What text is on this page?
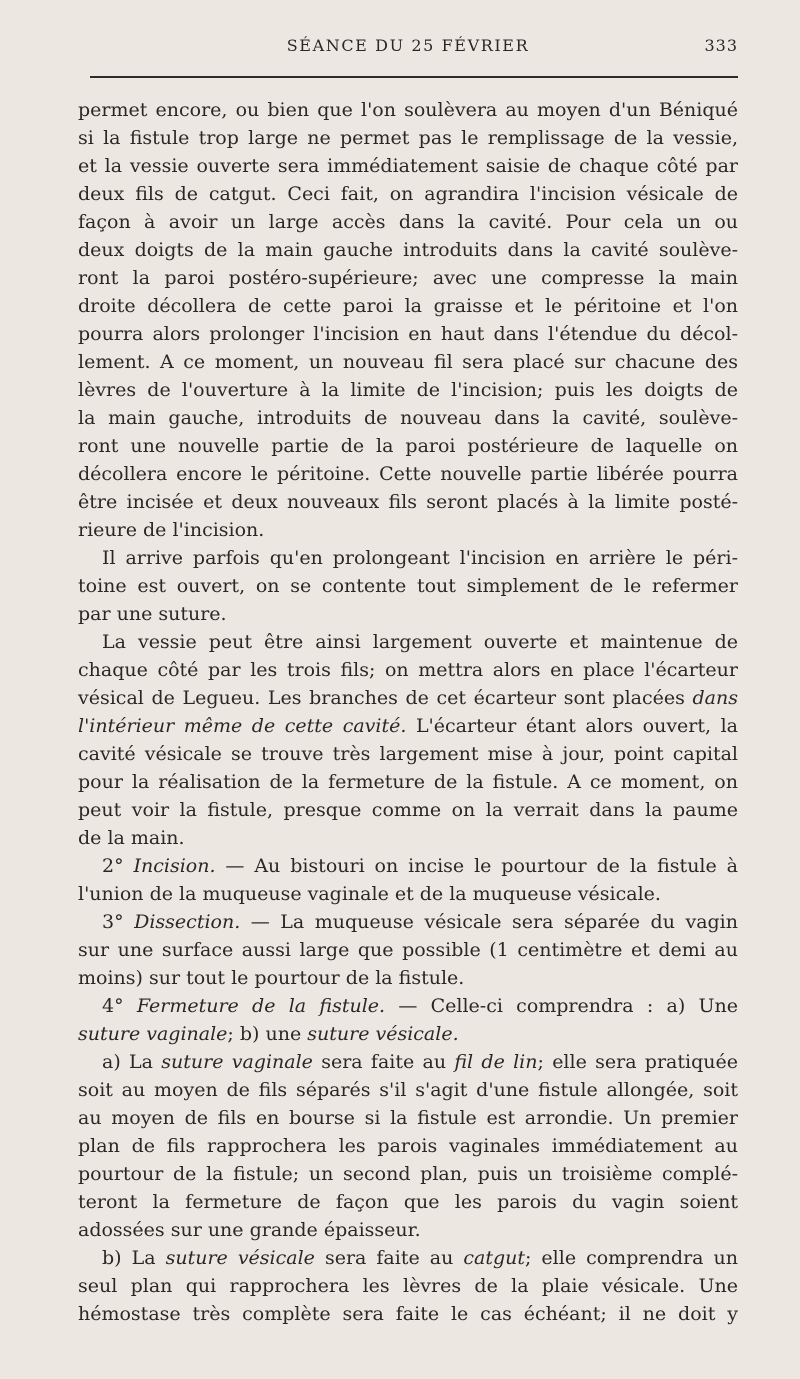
SÉANCE DU 25 FÉVRIER	333
permet encore, ou bien que l'on soulèvera au moyen d'un Béniqué
si la fistule trop large ne permet pas le remplissage de la vessie,
et la vessie ouverte sera immédiatement saisie de chaque côté par
deux fils de catgut. Ceci fait, on agrandira l'incision vésicale de
façon à avoir un large accès dans la cavité. Pour cela un ou
deux doigts de la main gauche introduits dans la cavité soulève-
ront la paroi postéro-supérieure; avec une compresse la main
droite décollera de cette paroi la graisse et le péritoine et l'on
pourra alors prolonger l'incision en haut dans l'étendue du décol-
lement. A ce moment, un nouveau fil sera placé sur chacune des
lèvres de l'ouverture à la limite de l'incision; puis les doigts de
la main gauche, introduits de nouveau dans la cavité, soulève-
ront une nouvelle partie de la paroi postérieure de laquelle on
décollera encore le péritoine. Cette nouvelle partie libérée pourra
être incisée et deux nouveaux fils seront placés à la limite posté-
rieure de l'incision.
Il arrive parfois qu'en prolongeant l'incision en arrière le péri-
toine est ouvert, on se contente tout simplement de le refermer
par une suture.
La vessie peut être ainsi largement ouverte et maintenue de
chaque côté par les trois fils; on mettra alors en place l'écarteur
vésical de Legueu. Les branches de cet écarteur sont placées dans
l'intérieur même de cette cavité. L'écarteur étant alors ouvert, la
cavité vésicale se trouve très largement mise à jour, point capital
pour la réalisation de la fermeture de la fistule. A ce moment, on
peut voir la fistule, presque comme on la verrait dans la paume
de la main.
2° Incision. — Au bistouri on incise le pourtour de la fistule à
l'union de la muqueuse vaginale et de la muqueuse vésicale.
3° Dissection. — La muqueuse vésicale sera séparée du vagin
sur une surface aussi large que possible (1 centimètre et demi au
moins) sur tout le pourtour de la fistule.
4° Fermeture de la fistule. — Celle-ci comprendra : a) Une
suture vaginale; b) une suture vésicale.
a) La suture vaginale sera faite au fil de lin; elle sera pratiquée
soit au moyen de fils séparés s'il s'agit d'une fistule allongée, soit
au moyen de fils en bourse si la fistule est arrondie. Un premier
plan de fils rapprochera les parois vaginales immédiatement au
pourtour de la fistule; un second plan, puis un troisième complé-
teront la fermeture de façon que les parois du vagin soient
adossées sur une grande épaisseur.
b) La suture vésicale sera faite au catgut; elle comprendra un
seul plan qui rapprochera les lèvres de la plaie vésicale. Une
hémostase très complète sera faite le cas échéant; il ne doit y
